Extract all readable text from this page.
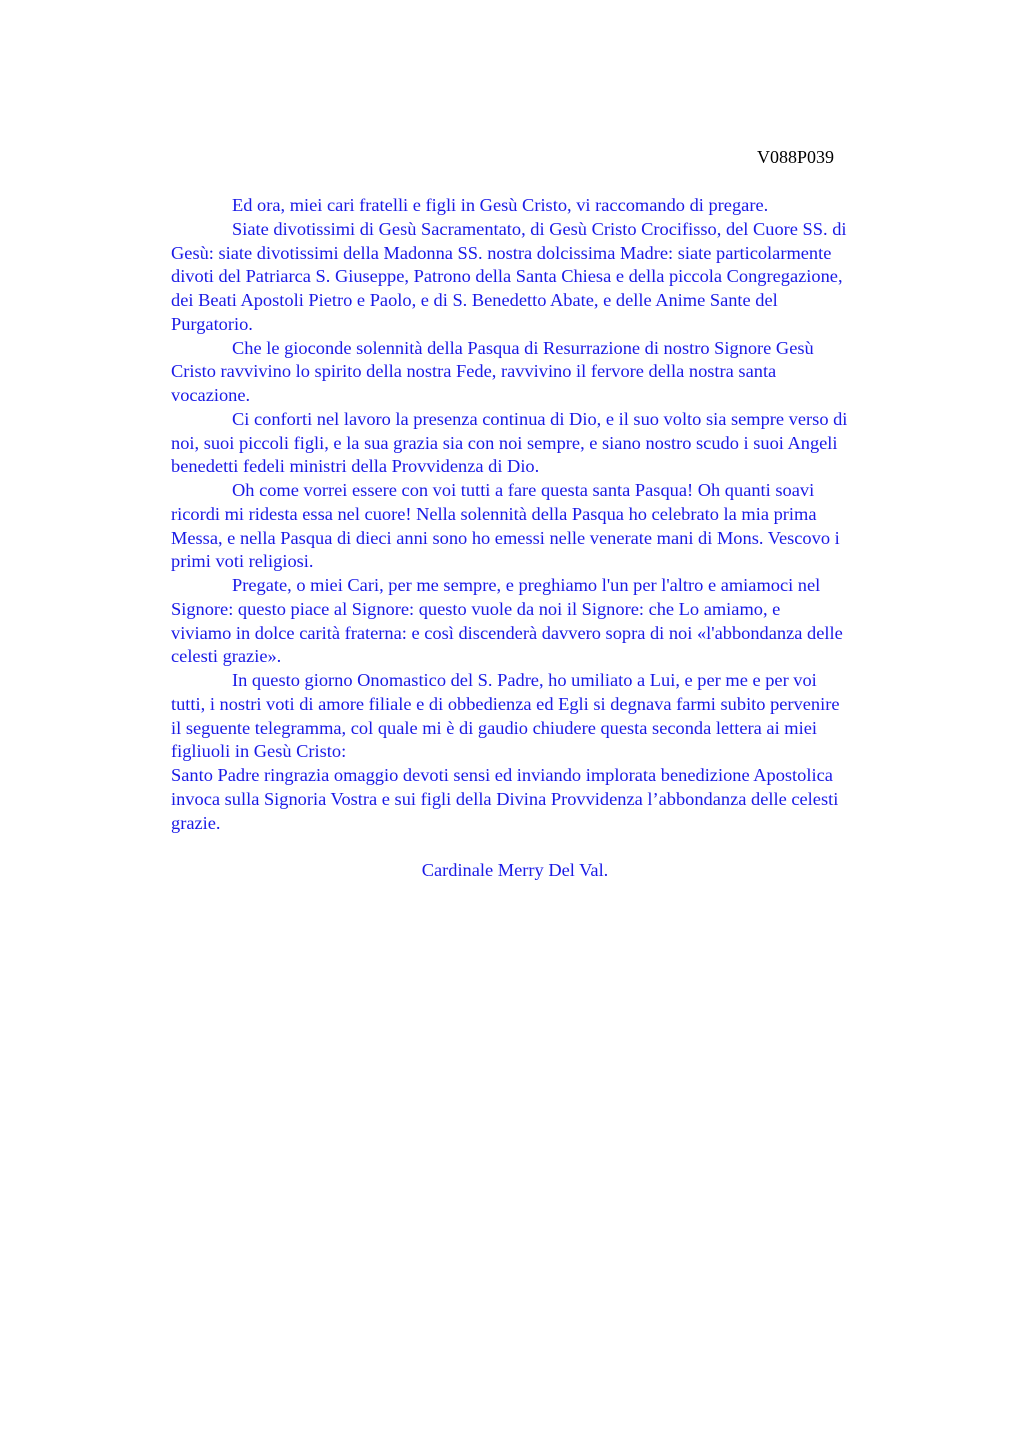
V088P039

Ed ora, miei cari fratelli e figli in Gesù Cristo, vi raccomando di pregare.

Siate divotissimi di Gesù Sacramentato, di Gesù Cristo Crocifisso, del Cuore SS. di
Gesù: siate divotissimi della Madonna SS. nostra dolcissima Madre: siate particolarmente
divoti del Patriarca S. Giuseppe, Patrono della Santa Chiesa e della piccola Congregazione,
dei Beati Apostoli Pietro e Paolo, e di S. Benedetto Abate, e delle Anime Sante del
Purgatorio.

Che le gioconde solennità della Pasqua di Resurrazione di nostro Signore Gesù
Cristo ravvivino lo spirito della nostra Fede, ravvivino il fervore della nostra santa
vocazione.

Ci conforti nel lavoro la presenza continua di Dio, e il suo volto sia sempre verso di
noi, suoi piccoli figli, e la sua grazia sia con noi sempre, e siano nostro scudo i suoi Angeli
benedetti fedeli ministri della Provvidenza di Dio.

Oh come vorrei essere con voi tutti a fare questa santa Pasqua! Oh quanti soavi
ricordi mi ridesta essa nel cuore! Nella solennità della Pasqua ho celebrato la mia prima
Messa, e nella Pasqua di dieci anni sono ho emessi nelle venerate mani di Mons. Vescovo i
primi voti religiosi.

Pregate, o miei Cari, per me sempre, e preghiamo l'un per l'altro e amiamoci nel
Signore: questo piace al Signore: questo vuole da noi il Signore: che Lo amiamo, e
viviamo in dolce carità fraterna: e così discenderà davvero sopra di noi «l'abbondanza delle
celesti grazie».

In questo giorno Onomastico del S. Padre, ho umiliato a Lui, e per me e per voi
tutti, i nostri voti di amore filiale e di obbedienza ed Egli si degnava farmi subito pervenire
il seguente telegramma, col quale mi è di gaudio chiudere questa seconda lettera ai miei
figliuoli in Gesù Cristo:

Santo Padre ringrazia omaggio devoti sensi ed inviando implorata benedizione Apostolica
invoca sulla Signoria Vostra e sui figli della Divina Provvidenza l’abbondanza delle celesti
grazie.

Cardinale Merry Del Val.
